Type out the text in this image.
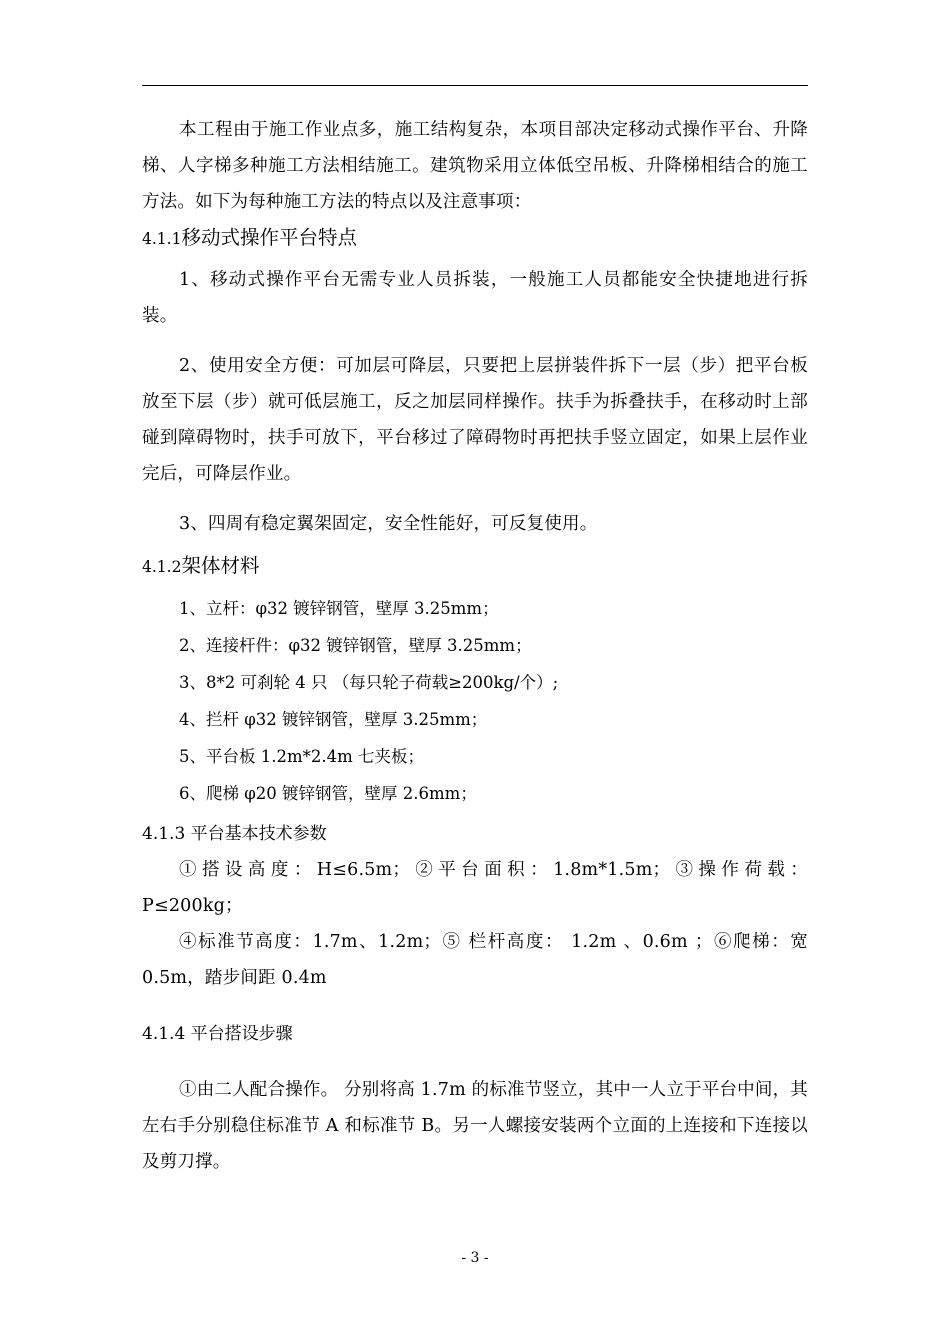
本工程由于施工作业点多，施工结构复杂，本项目部决定移动式操作平台、升降梯、人字梯多种施工方法相结施工。建筑物采用立体低空吊板、升降梯相结合的施工方法。如下为每种施工方法的特点以及注意事项：

4.1.1移动式操作平台特点

1、移动式操作平台无需专业人员拆装，一般施工人员都能安全快捷地进行拆装。

2、使用安全方便：可加层可降层，只要把上层拼装件拆下一层（步）把平台板放至下层（步）就可低层施工，反之加层同样操作。扶手为拆叠扶手，在移动时上部碰到障碍物时，扶手可放下，平台移过了障碍物时再把扶手竖立固定，如果上层作业完后，可降层作业。

3、四周有稳定翼架固定，安全性能好，可反复使用。

4.1.2架体材料

1、立杆：φ32 镀锌钢管，壁厚 3.25mm；

2、连接杆件：φ32 镀锌钢管，壁厚 3.25mm；

3、8*2 可刹轮 4 只 （每只轮子荷载≥200kg/个）;

4、拦杆 φ32 镀锌钢管，壁厚 3.25mm；

5、平台板 1.2m*2.4m 七夹板；

6、爬梯 φ20 镀锌钢管，壁厚 2.6mm；

4.1.3 平台基本技术参数

①搭设高度：H≤6.5m；②平台面积：1.8m*1.5m；③操作荷载：P≤200kg；

④标准节高度：1.7m、1.2m；⑤ 栏杆高度： 1.2m 、0.6m ；⑥爬梯：宽 0.5m，踏步间距 0.4m

4.1.4 平台搭设步骤

①由二人配合操作。 分别将高 1.7m 的标准节竖立，其中一人立于平台中间，其左右手分别稳住标准节 A 和标准节 B。另一人螺接安装两个立面的上连接和下连接以及剪刀撑。

- 3 -
